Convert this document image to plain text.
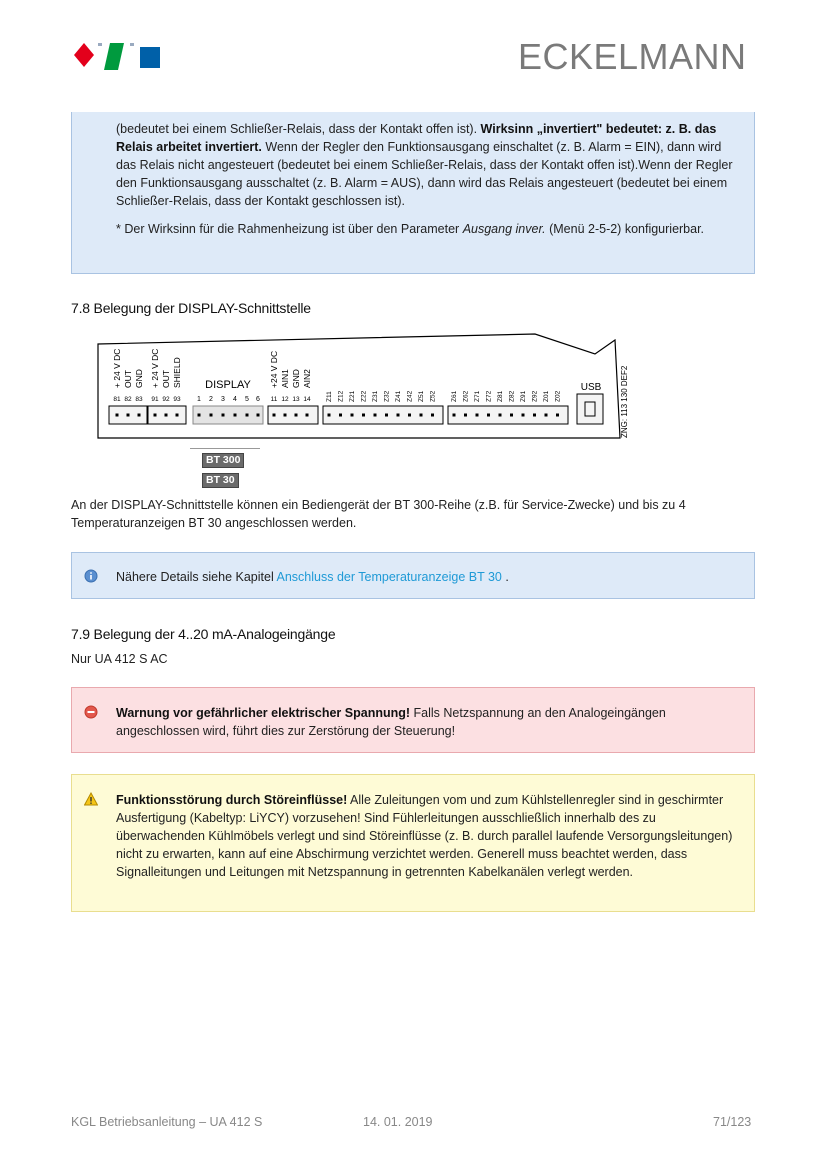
ECKELMANN

(bedeutet bei einem Schließer-Relais, dass der Kontakt offen ist). Wirksinn „invertiert" bedeutet: z. B. das Relais arbeitet invertiert. Wenn der Regler den Funktionsausgang einschaltet (z. B. Alarm = EIN), dann wird das Relais nicht angesteuert (bedeutet bei einem Schließer-Relais, dass der Kontakt offen ist).Wenn der Regler den Funktionsausgang ausschaltet (z. B. Alarm = AUS), dann wird das Relais angesteuert (bedeutet bei einem Schließer-Relais, dass der Kontakt geschlossen ist).

* Der Wirksinn für die Rahmenheizung ist über den Parameter Ausgang inver. (Menü 2-5-2) konfigurierbar.

7.8 Belegung der DISPLAY-Schnittstelle
+ 24 V DC OUT GND + 24 V DC OUT SHIELD
81 82 83 91 92 93
DISPLAY
1 2 3 4 5 6
+24 V DC AIN1 GND AIN2
11 12 13 14 Z11 Z12 Z21 Z22 Z31 Z32 Z41 Z42 Z51 Z52 Z61 Z62 Z71 Z72 Z81 Z82 Z91 Z92 Z01 Z02
USB ZNG: 113 130 DEF2
BT 300
BT 30

An der DISPLAY-Schnittstelle können ein Bediengerät der BT 300-Reihe (z.B. für Service-Zwecke) und bis zu 4 Temperaturanzeigen BT 30 angeschlossen werden.

Nähere Details siehe Kapitel Anschluss der Temperaturanzeige BT 30 .

7.9 Belegung der 4..20 mA-Analogeingänge

Nur UA 412 S AC

Warnung vor gefährlicher elektrischer Spannung! Falls Netzspannung an den Analogeingängen angeschlossen wird, führt dies zur Zerstörung der Steuerung!

Funktionsstörung durch Störeinflüsse! Alle Zuleitungen vom und zum Kühlstellenregler sind in geschirmter Ausfertigung (Kabeltyp: LiYCY) vorzusehen! Sind Fühlerleitungen ausschließlich innerhalb des zu überwachenden Kühlmöbels verlegt und sind Störeinflüsse (z. B. durch parallel laufende Versorgungsleitungen) nicht zu erwarten, kann auf eine Abschirmung verzichtet werden. Generell muss beachtet werden, dass Signalleitungen und Leitungen mit Netzspannung in getrennten Kabelkanälen verlegt werden.

KGL Betriebsanleitung – UA 412 S	14. 01. 2019	71/123
